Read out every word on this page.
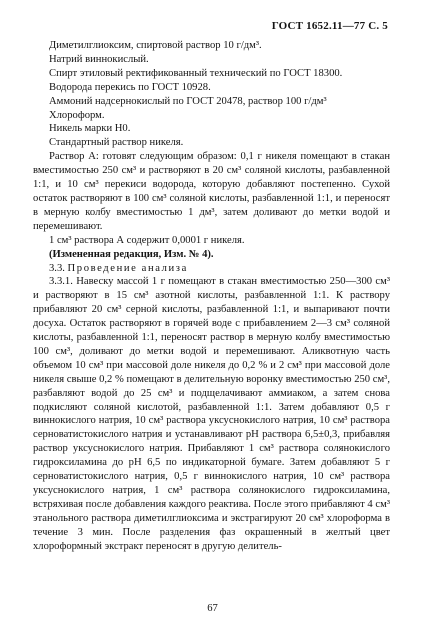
ГОСТ 1652.11—77 С. 5

Диметилглиоксим, спиртовой раствор 10 г/дм³.

Натрий виннокислый.

Спирт этиловый ректификованный технический по ГОСТ 18300.

Водорода перекись по ГОСТ 10928.

Аммоний надсернокислый по ГОСТ 20478, раствор 100 г/дм³

Хлороформ.

Никель марки Н0.

Стандартный раствор никеля.

Раствор А: готовят следующим образом: 0,1 г никеля помещают в стакан вместимостью 250 см³ и растворяют в 20 см³ соляной кислоты, разбавленной 1:1, и 10 см³ перекиси водорода, которую добавляют постепенно. Сухой остаток растворяют в 100 см³ соляной кислоты, разбавленной 1:1, и переносят в мерную колбу вместимостью 1 дм³, затем доливают до метки водой и перемешивают.

1 см³ раствора А содержит 0,0001 г никеля.

(Измененная редакция, Изм. № 4).

3.3. Проведение анализа

3.3.1. Навеску массой 1 г помещают в стакан вместимостью 250—300 см³ и растворяют в 15 см³ азотной кислоты, разбавленной 1:1. К раствору прибавляют 20 см³ серной кислоты, разбавленной 1:1, и выпаривают почти досуха. Остаток растворяют в горячей воде с прибавлением 2—3 см³ соляной кислоты, разбавленной 1:1, переносят раствор в мерную колбу вместимостью 100 см³, доливают до метки водой и перемешивают. Аликвотную часть объемом 10 см³ при массовой доле никеля до 0,2 % и 2 см³ при массовой доле никеля свыше 0,2 % помещают в делительную воронку вместимостью 250 см³, разбавляют водой до 25 см³ и подщелачивают аммиаком, а затем снова подкисляют соляной кислотой, разбавленной 1:1. Затем добавляют 0,5 г виннокислого натрия, 10 см³ раствора уксуснокислого натрия, 10 см³ раствора серноватистокислого натрия и устанавливают pH раствора 6,5±0,3, прибавляя раствор уксуснокислого натрия. Прибавляют 1 см³ раствора солянокислого гидроксиламина до pH 6,5 по индикаторной бумаге. Затем добавляют 5 г серноватистокислого натрия, 0,5 г виннокислого натрия, 10 см³ раствора уксуснокислого натрия, 1 см³ раствора солянокислого гидроксиламина, встряхивая после добавления каждого реактива. После этого прибавляют 4 см³ этанольного раствора диметилглиоксима и экстрагируют 20 см³ хлороформа в течение 3 мин. После разделения фаз окрашенный в желтый цвет хлороформный экстракт переносят в другую делитель-

67
